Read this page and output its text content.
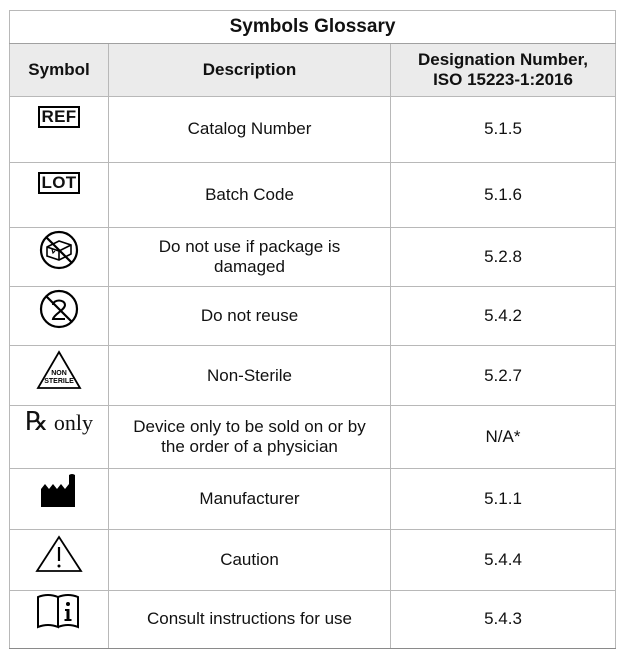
Symbols Glossary		
Symbol	Description	Designation Number,
ISO 15223-1:2016
REF	Catalog Number	5.1.5
LOT	Batch Code	5.1.6

	Do not use if package is damaged	5.2.8

	Do not reuse	5.4.2

NON
STERILE	Non-Sterile	5.2.7
℞ only	Device only to be sold on or by the order of a physician	N/A*

	Manufacturer	5.1.1

	Caution	5.4.4

	Consult instructions for use	5.4.3
